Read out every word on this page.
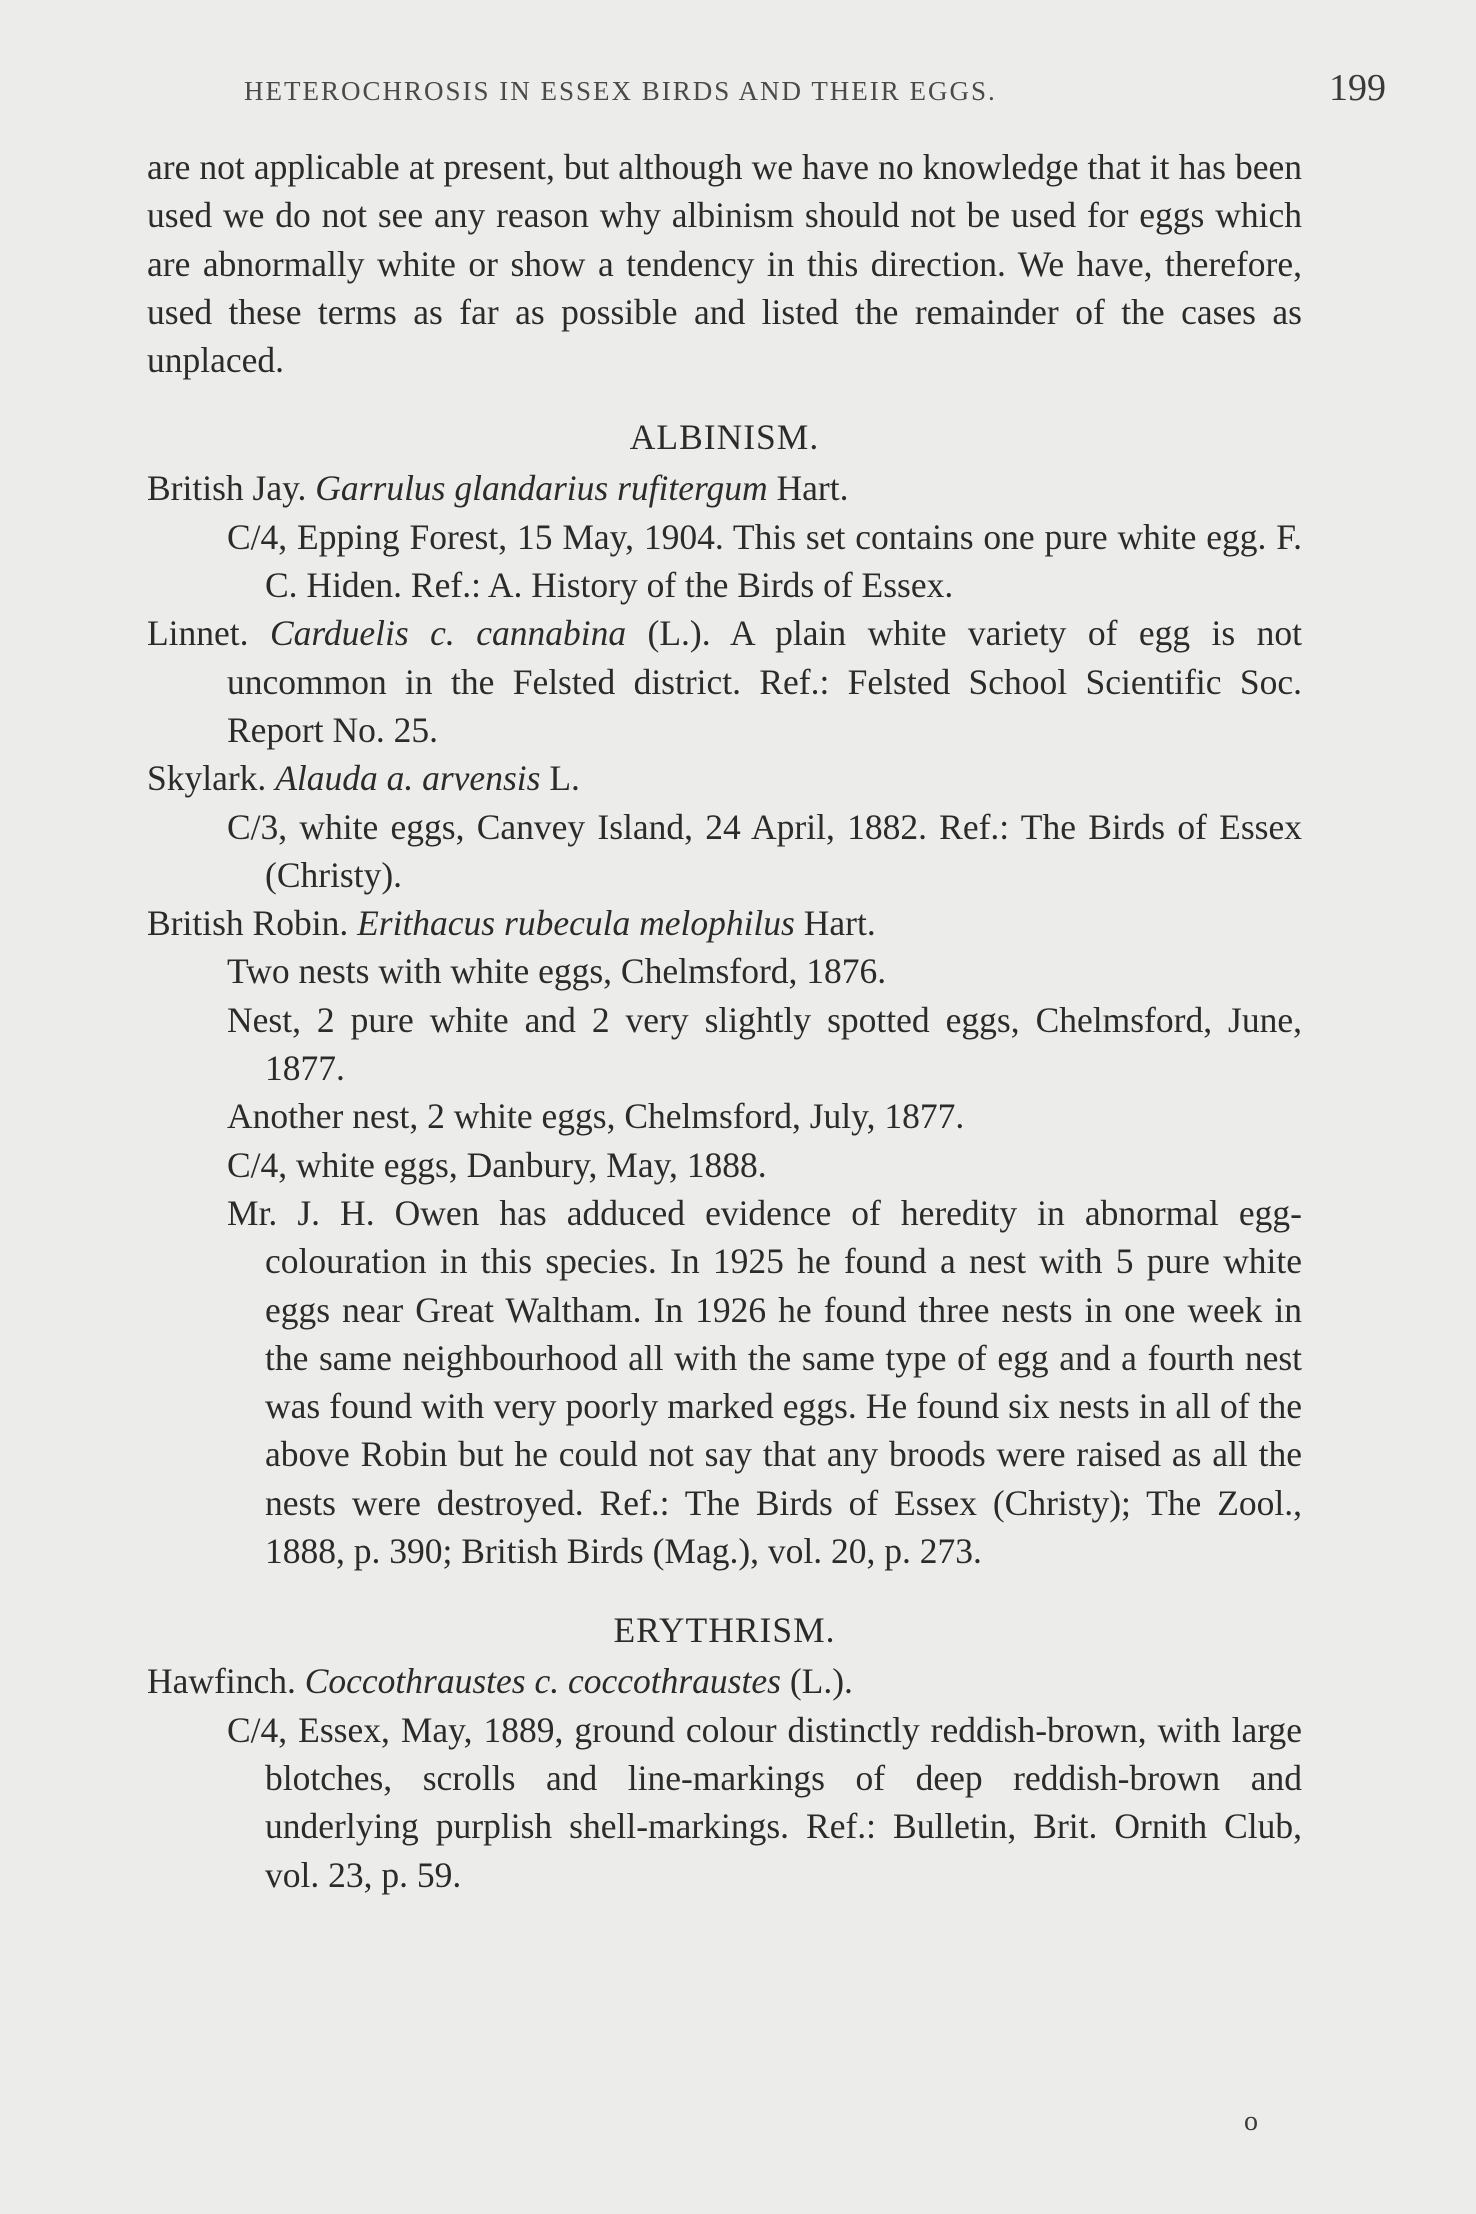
HETEROCHROSIS IN ESSEX BIRDS AND THEIR EGGS.	199

are not applicable at present, but although we have no knowledge that it has been used we do not see any reason why albinism should not be used for eggs which are abnormally white or show a tendency in this direction. We have, therefore, used these terms as far as possible and listed the remainder of the cases as unplaced.

ALBINISM.

British Jay. Garrulus glandarius rufitergum Hart.
C/4, Epping Forest, 15 May, 1904. This set contains one pure white egg. F. C. Hiden. Ref.: A. History of the Birds of Essex.
Linnet. Carduelis c. cannabina (L.). A plain white variety of egg is not uncommon in the Felsted district. Ref.: Felsted School Scientific Soc. Report No. 25.
Skylark. Alauda a. arvensis L.
C/3, white eggs, Canvey Island, 24 April, 1882. Ref.: The Birds of Essex (Christy).
British Robin. Erithacus rubecula melophilus Hart.
Two nests with white eggs, Chelmsford, 1876.
Nest, 2 pure white and 2 very slightly spotted eggs, Chelmsford, June, 1877.
Another nest, 2 white eggs, Chelmsford, July, 1877.
C/4, white eggs, Danbury, May, 1888.
Mr. J. H. Owen has adduced evidence of heredity in abnormal egg-colouration in this species. In 1925 he found a nest with 5 pure white eggs near Great Waltham. In 1926 he found three nests in one week in the same neighbourhood all with the same type of egg and a fourth nest was found with very poorly marked eggs. He found six nests in all of the above Robin but he could not say that any broods were raised as all the nests were destroyed. Ref.: The Birds of Essex (Christy); The Zool., 1888, p. 390; British Birds (Mag.), vol. 20, p. 273.

ERYTHRISM.

Hawfinch. Coccothraustes c. coccothraustes (L.).
C/4, Essex, May, 1889, ground colour distinctly reddish-brown, with large blotches, scrolls and line-markings of deep reddish-brown and underlying purplish shell-markings. Ref.: Bulletin, Brit. Ornith Club, vol. 23, p. 59.
o
